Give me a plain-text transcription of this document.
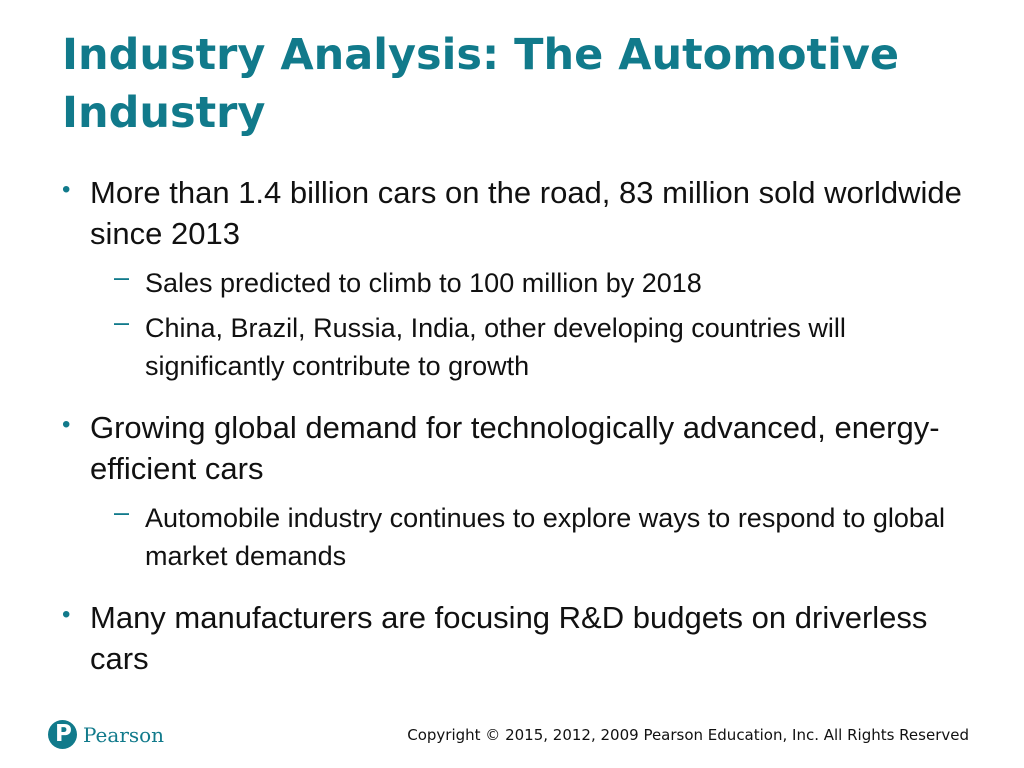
Industry Analysis: The Automotive Industry
• More than 1.4 billion cars on the road, 83 million sold worldwide since 2013
– Sales predicted to climb to 100 million by 2018
– China, Brazil, Russia, India, other developing countries will significantly contribute to growth
• Growing global demand for technologically advanced, energy-efficient cars
– Automobile industry continues to explore ways to respond to global market demands
• Many manufacturers are focusing R&D budgets on driverless cars
P Pearson	Copyright © 2015, 2012, 2009 Pearson Education, Inc. All Rights Reserved
